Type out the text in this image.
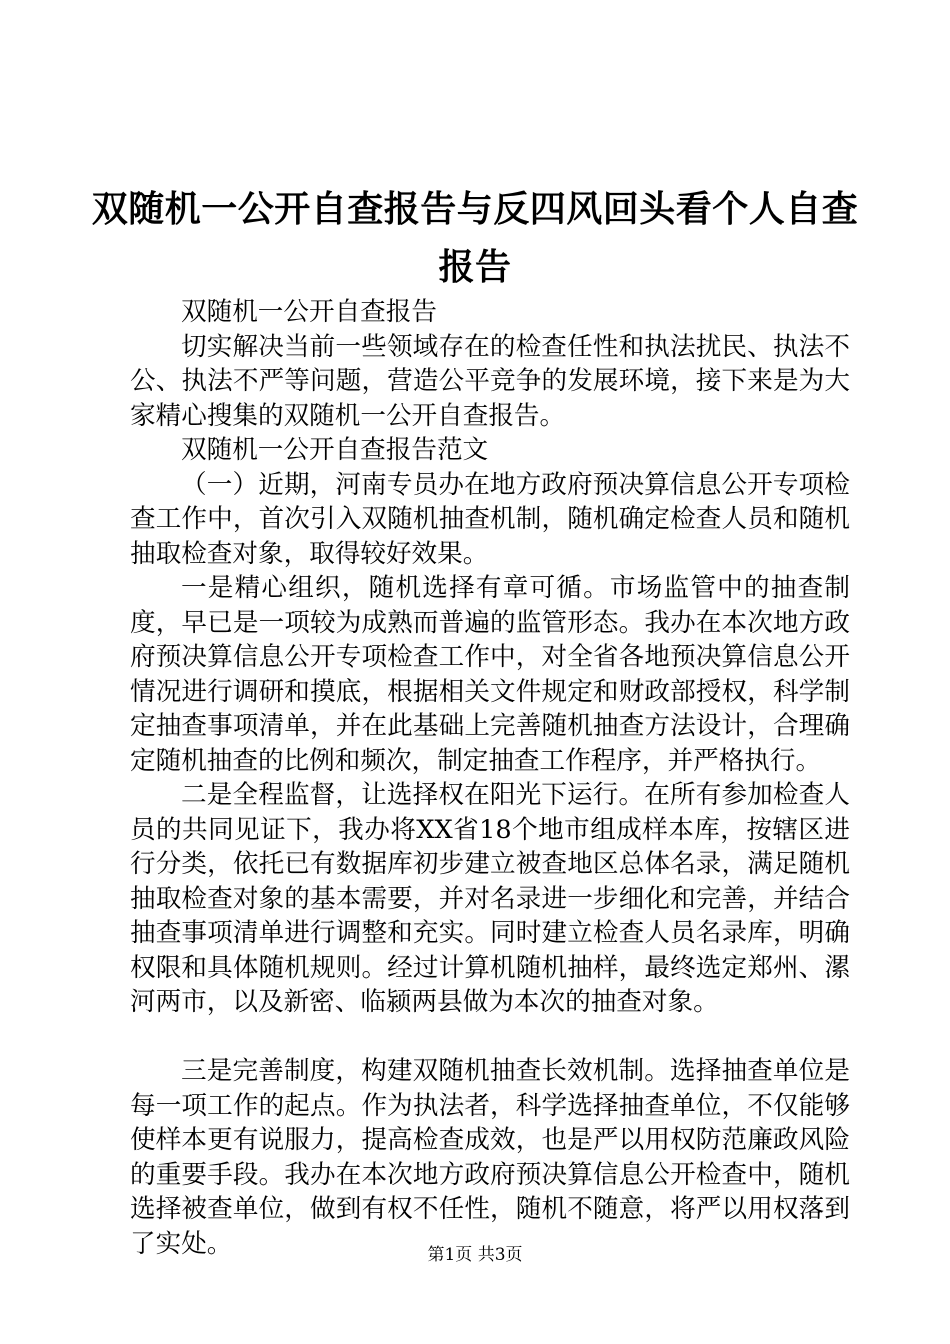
双随机一公开自查报告与反四风回头看个人自查报告

双随机一公开自查报告

切实解决当前一些领域存在的检查任性和执法扰民、执法不公、执法不严等问题，营造公平竞争的发展环境，接下来是为大家精心搜集的双随机一公开自查报告。

双随机一公开自查报告范文

（一）近期，河南专员办在地方政府预决算信息公开专项检查工作中，首次引入双随机抽查机制，随机确定检查人员和随机抽取检查对象，取得较好效果。

一是精心组织，随机选择有章可循。市场监管中的抽查制度，早已是一项较为成熟而普遍的监管形态。我办在本次地方政府预决算信息公开专项检查工作中，对全省各地预决算信息公开情况进行调研和摸底，根据相关文件规定和财政部授权，科学制定抽查事项清单，并在此基础上完善随机抽查方法设计，合理确定随机抽查的比例和频次，制定抽查工作程序，并严格执行。

二是全程监督，让选择权在阳光下运行。在所有参加检查人员的共同见证下，我办将XX省18个地市组成样本库，按辖区进行分类，依托已有数据库初步建立被查地区总体名录，满足随机抽取检查对象的基本需要，并对名录进一步细化和完善，并结合抽查事项清单进行调整和充实。同时建立检查人员名录库，明确权限和具体随机规则。经过计算机随机抽样，最终选定郑州、漯河两市，以及新密、临颍两县做为本次的抽查对象。

三是完善制度，构建双随机抽查长效机制。选择抽查单位是每一项工作的起点。作为执法者，科学选择抽查单位，不仅能够使样本更有说服力，提高检查成效，也是严以用权防范廉政风险的重要手段。我办在本次地方政府预决算信息公开检查中，随机选择被查单位，做到有权不任性，随机不随意，将严以用权落到了实处。	第1页 共3页
